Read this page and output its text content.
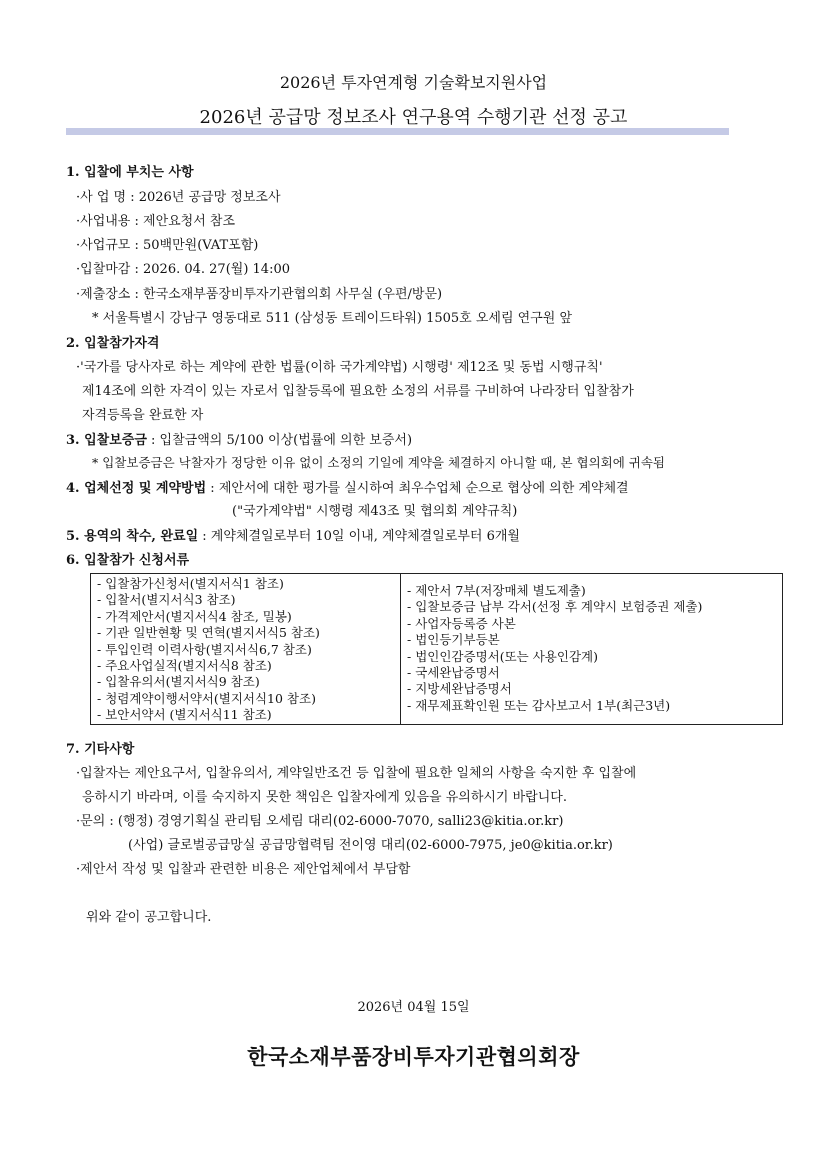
2026년 투자연계형 기술확보지원사업
2026년 공급망 정보조사 연구용역 수행기관 선정 공고
1. 입찰에 부치는 사항
·사 업 명 : 2026년 공급망 정보조사
·사업내용 : 제안요청서 참조
·사업규모 : 50백만원(VAT포함)
·입찰마감 : 2026. 04. 27(월) 14:00
·제출장소 : 한국소재부품장비투자기관협의회 사무실 (우편/방문)
* 서울특별시 강남구 영동대로 511 (삼성동 트레이드타워) 1505호 오세림 연구원 앞
2. 입찰참가자격
·'국가를 당사자로 하는 계약에 관한 법률(이하 국가계약법) 시행령' 제12조 및 동법 시행규칙'
제14조에 의한 자격이 있는 자로서 입찰등록에 필요한 소정의 서류를 구비하여 나라장터 입찰참가
자격등록을 완료한 자
3. 입찰보증금 : 입찰금액의 5/100 이상(법률에 의한 보증서)
* 입찰보증금은 낙찰자가 정당한 이유 없이 소정의 기일에 계약을 체결하지 아니할 때, 본 협의회에 귀속됨
4. 업체선정 및 계약방법 : 제안서에 대한 평가를 실시하여 최우수업체 순으로 협상에 의한 계약체결
("국가계약법" 시행령 제43조 및 협의회 계약규칙)
5. 용역의 착수, 완료일 : 계약체결일로부터 10일 이내, 계약체결일로부터 6개월
6. 입찰참가 신청서류
- 입찰참가신청서(별지서식1 참조)
- 입찰서(별지서식3 참조)
- 가격제안서(별지서식4 참조, 밀봉)
- 기관 일반현황 및 연혁(별지서식5 참조)
- 투입인력 이력사항(별지서식6,7 참조)
- 주요사업실적(별지서식8 참조)
- 입찰유의서(별지서식9 참조)
- 청렴계약이행서약서(별지서식10 참조)
- 보안서약서 (별지서식11 참조)
- 제안서 7부(저장매체 별도제출)
- 입찰보증금 납부 각서(선정 후 계약시 보험증권 제출)
- 사업자등록증 사본
- 법인등기부등본
- 법인인감증명서(또는 사용인감계)
- 국세완납증명서
- 지방세완납증명서
- 재무제표확인원 또는 감사보고서 1부(최근3년)
7. 기타사항
·입찰자는 제안요구서, 입찰유의서, 계약일반조건 등 입찰에 필요한 일체의 사항을 숙지한 후 입찰에
응하시기 바라며, 이를 숙지하지 못한 책임은 입찰자에게 있음을 유의하시기 바랍니다.
·문의 : (행정) 경영기획실 관리팀 오세림 대리(02-6000-7070, salli23@kitia.or.kr)
(사업) 글로벌공급망실 공급망협력팀 전이영 대리(02-6000-7975, je0@kitia.or.kr)
·제안서 작성 및 입찰과 관련한 비용은 제안업체에서 부담함
위와 같이 공고합니다.
2026년 04월 15일
한국소재부품장비투자기관협의회장
